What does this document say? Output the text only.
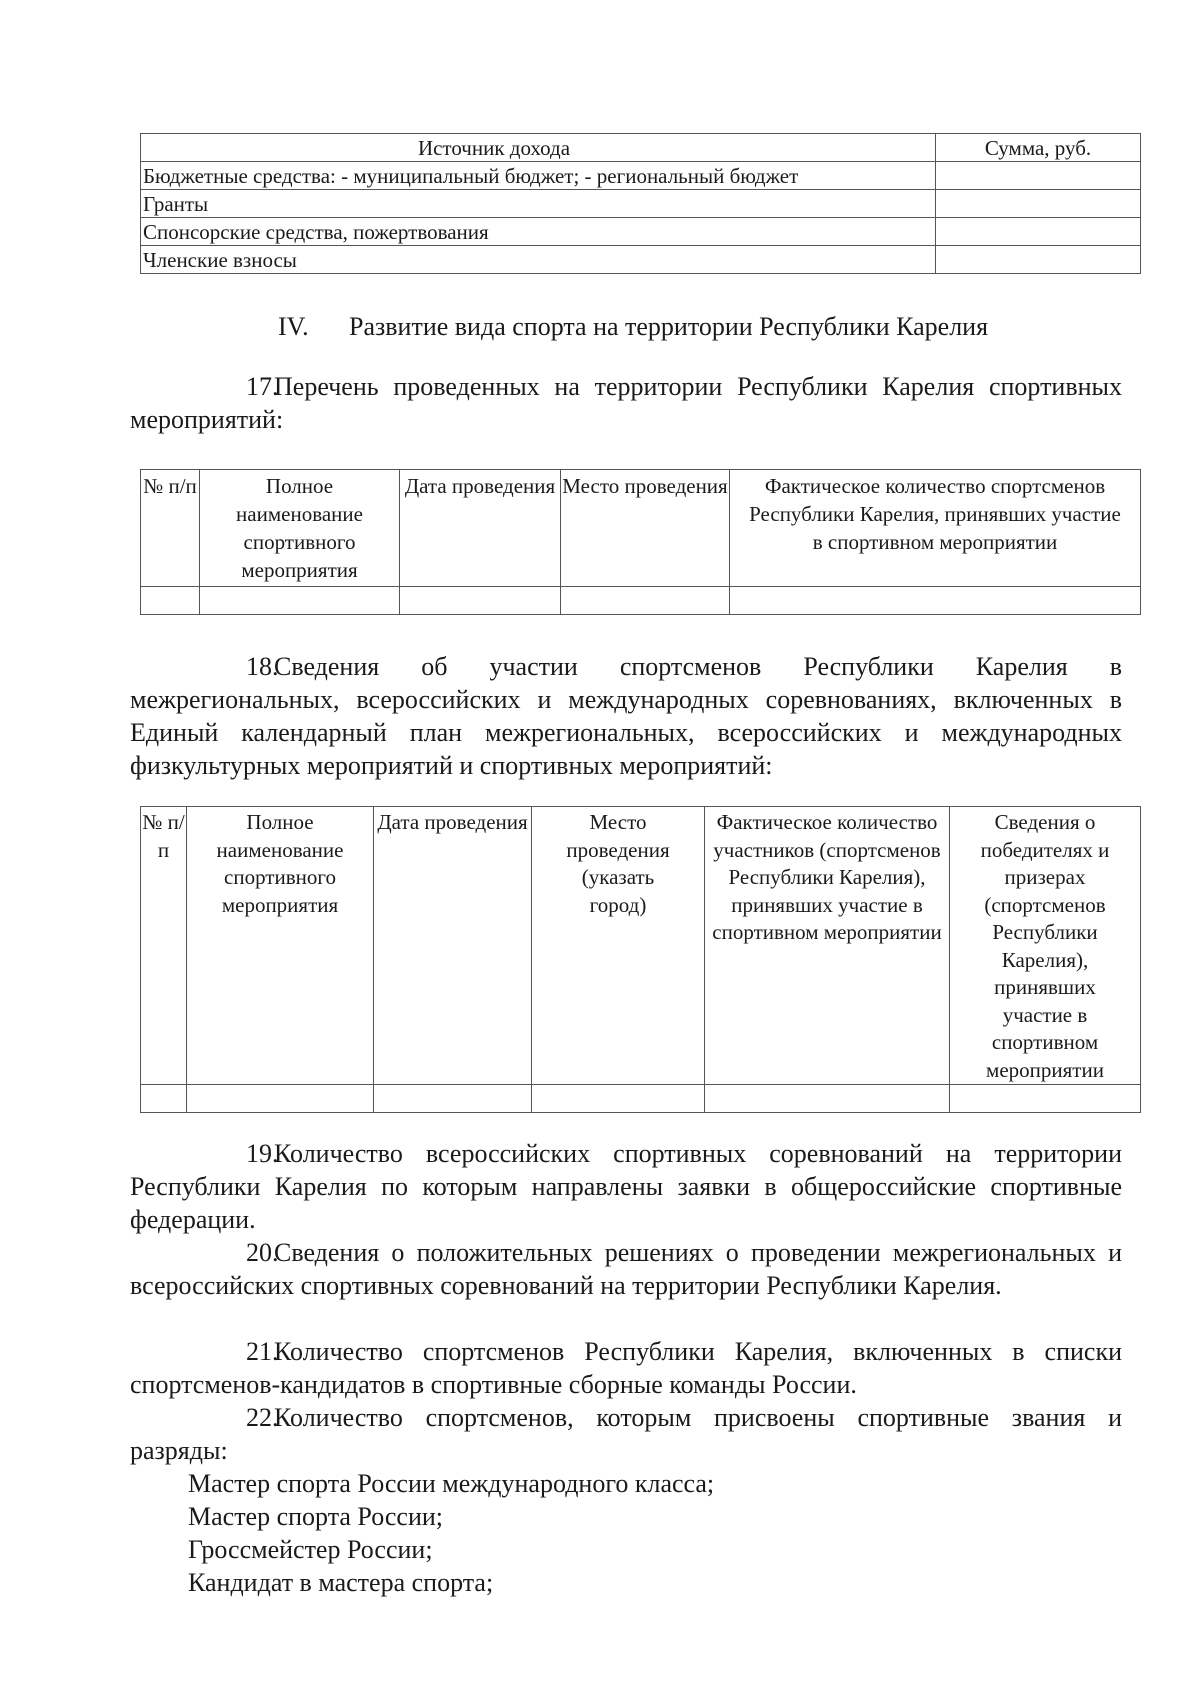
Источник дохода	Сумма, руб.
Бюджетные средства: - муниципальный бюджет; - региональный бюджет	
Гранты	
Спонсорские средства, пожертвования	
Членские взносы	
IV. Развитие вида спорта на территории Республики Карелия
17.Перечень проведенных на территории Республики Карелия спортивных мероприятий:
№ п/п	Полное наименование спортивного мероприятия	Дата проведения	Место проведения	Фактическое количество спортсменов Республики Карелия, принявших участие в спортивном мероприятии

18.Сведения об участии спортсменов Республики Карелия в межрегиональных, всероссийских и международных соревнованиях, включенных в Единый календарный план межрегиональных, всероссийских и международных физкультурных мероприятий и спортивных мероприятий:
№ п/ п	Полное наименование спортивного мероприятия	Дата проведения	Место проведения (указать город)	Фактическое количество участников (спортсменов Республики Карелия), принявших участие в спортивном мероприятии	Сведения о победителях и призерах (спортсменов Республики Карелия), принявших участие в спортивном мероприятии

19.Количество всероссийских спортивных соревнований на территории Республики Карелия по которым направлены заявки в общероссийские спортивные федерации.
20.Сведения о положительных решениях о проведении межрегиональных и всероссийских спортивных соревнований на территории Республики Карелия.
21.Количество спортсменов Республики Карелия, включенных в списки спортсменов-кандидатов в спортивные сборные команды России.
22.Количество спортсменов, которым присвоены спортивные звания и разряды:
Мастер спорта России международного класса;
Мастер спорта России;
Гроссмейстер России;
Кандидат в мастера спорта;
